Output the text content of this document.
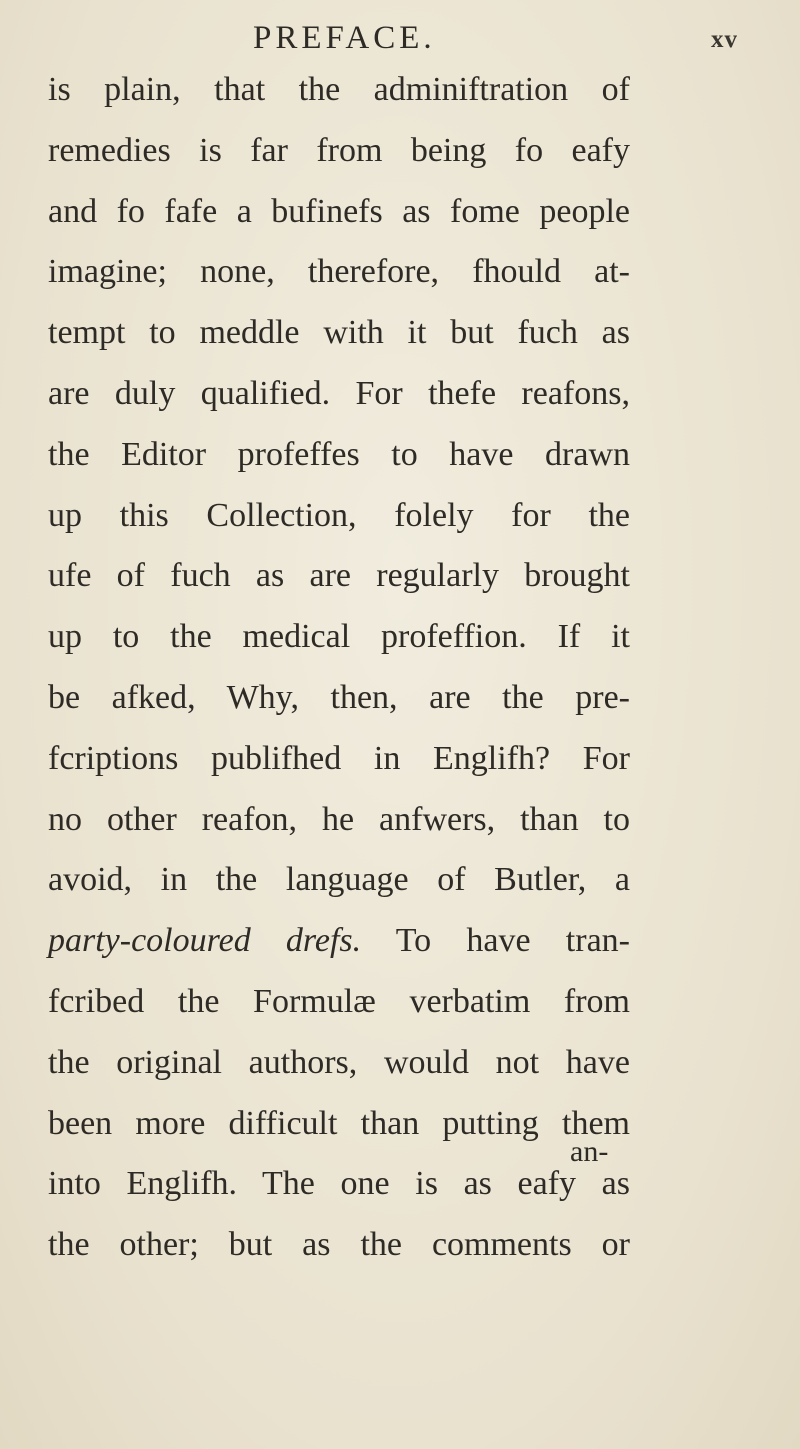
PREFACE.	xv
is plain, that the adminiftration of
remedies is far from being fo eafy
and fo fafe a bufinefs as fome people
imagine; none, therefore, fhould at-
tempt to meddle with it but fuch as
are duly qualified. For thefe reafons,
the Editor profeffes to have drawn
up this Collection, folely for the
ufe of fuch as are regularly brought
up to the medical profeffion. If it
be afked, Why, then, are the pre-
fcriptions publifhed in Englifh? For
no other reafon, he anfwers, than to
avoid, in the language of Butler, a
party-coloured drefs. To have tran-
fcribed the Formulæ verbatim from
the original authors, would not have
been more difficult than putting them
into Englifh. The one is as eafy as
the other; but as the comments or
an-
